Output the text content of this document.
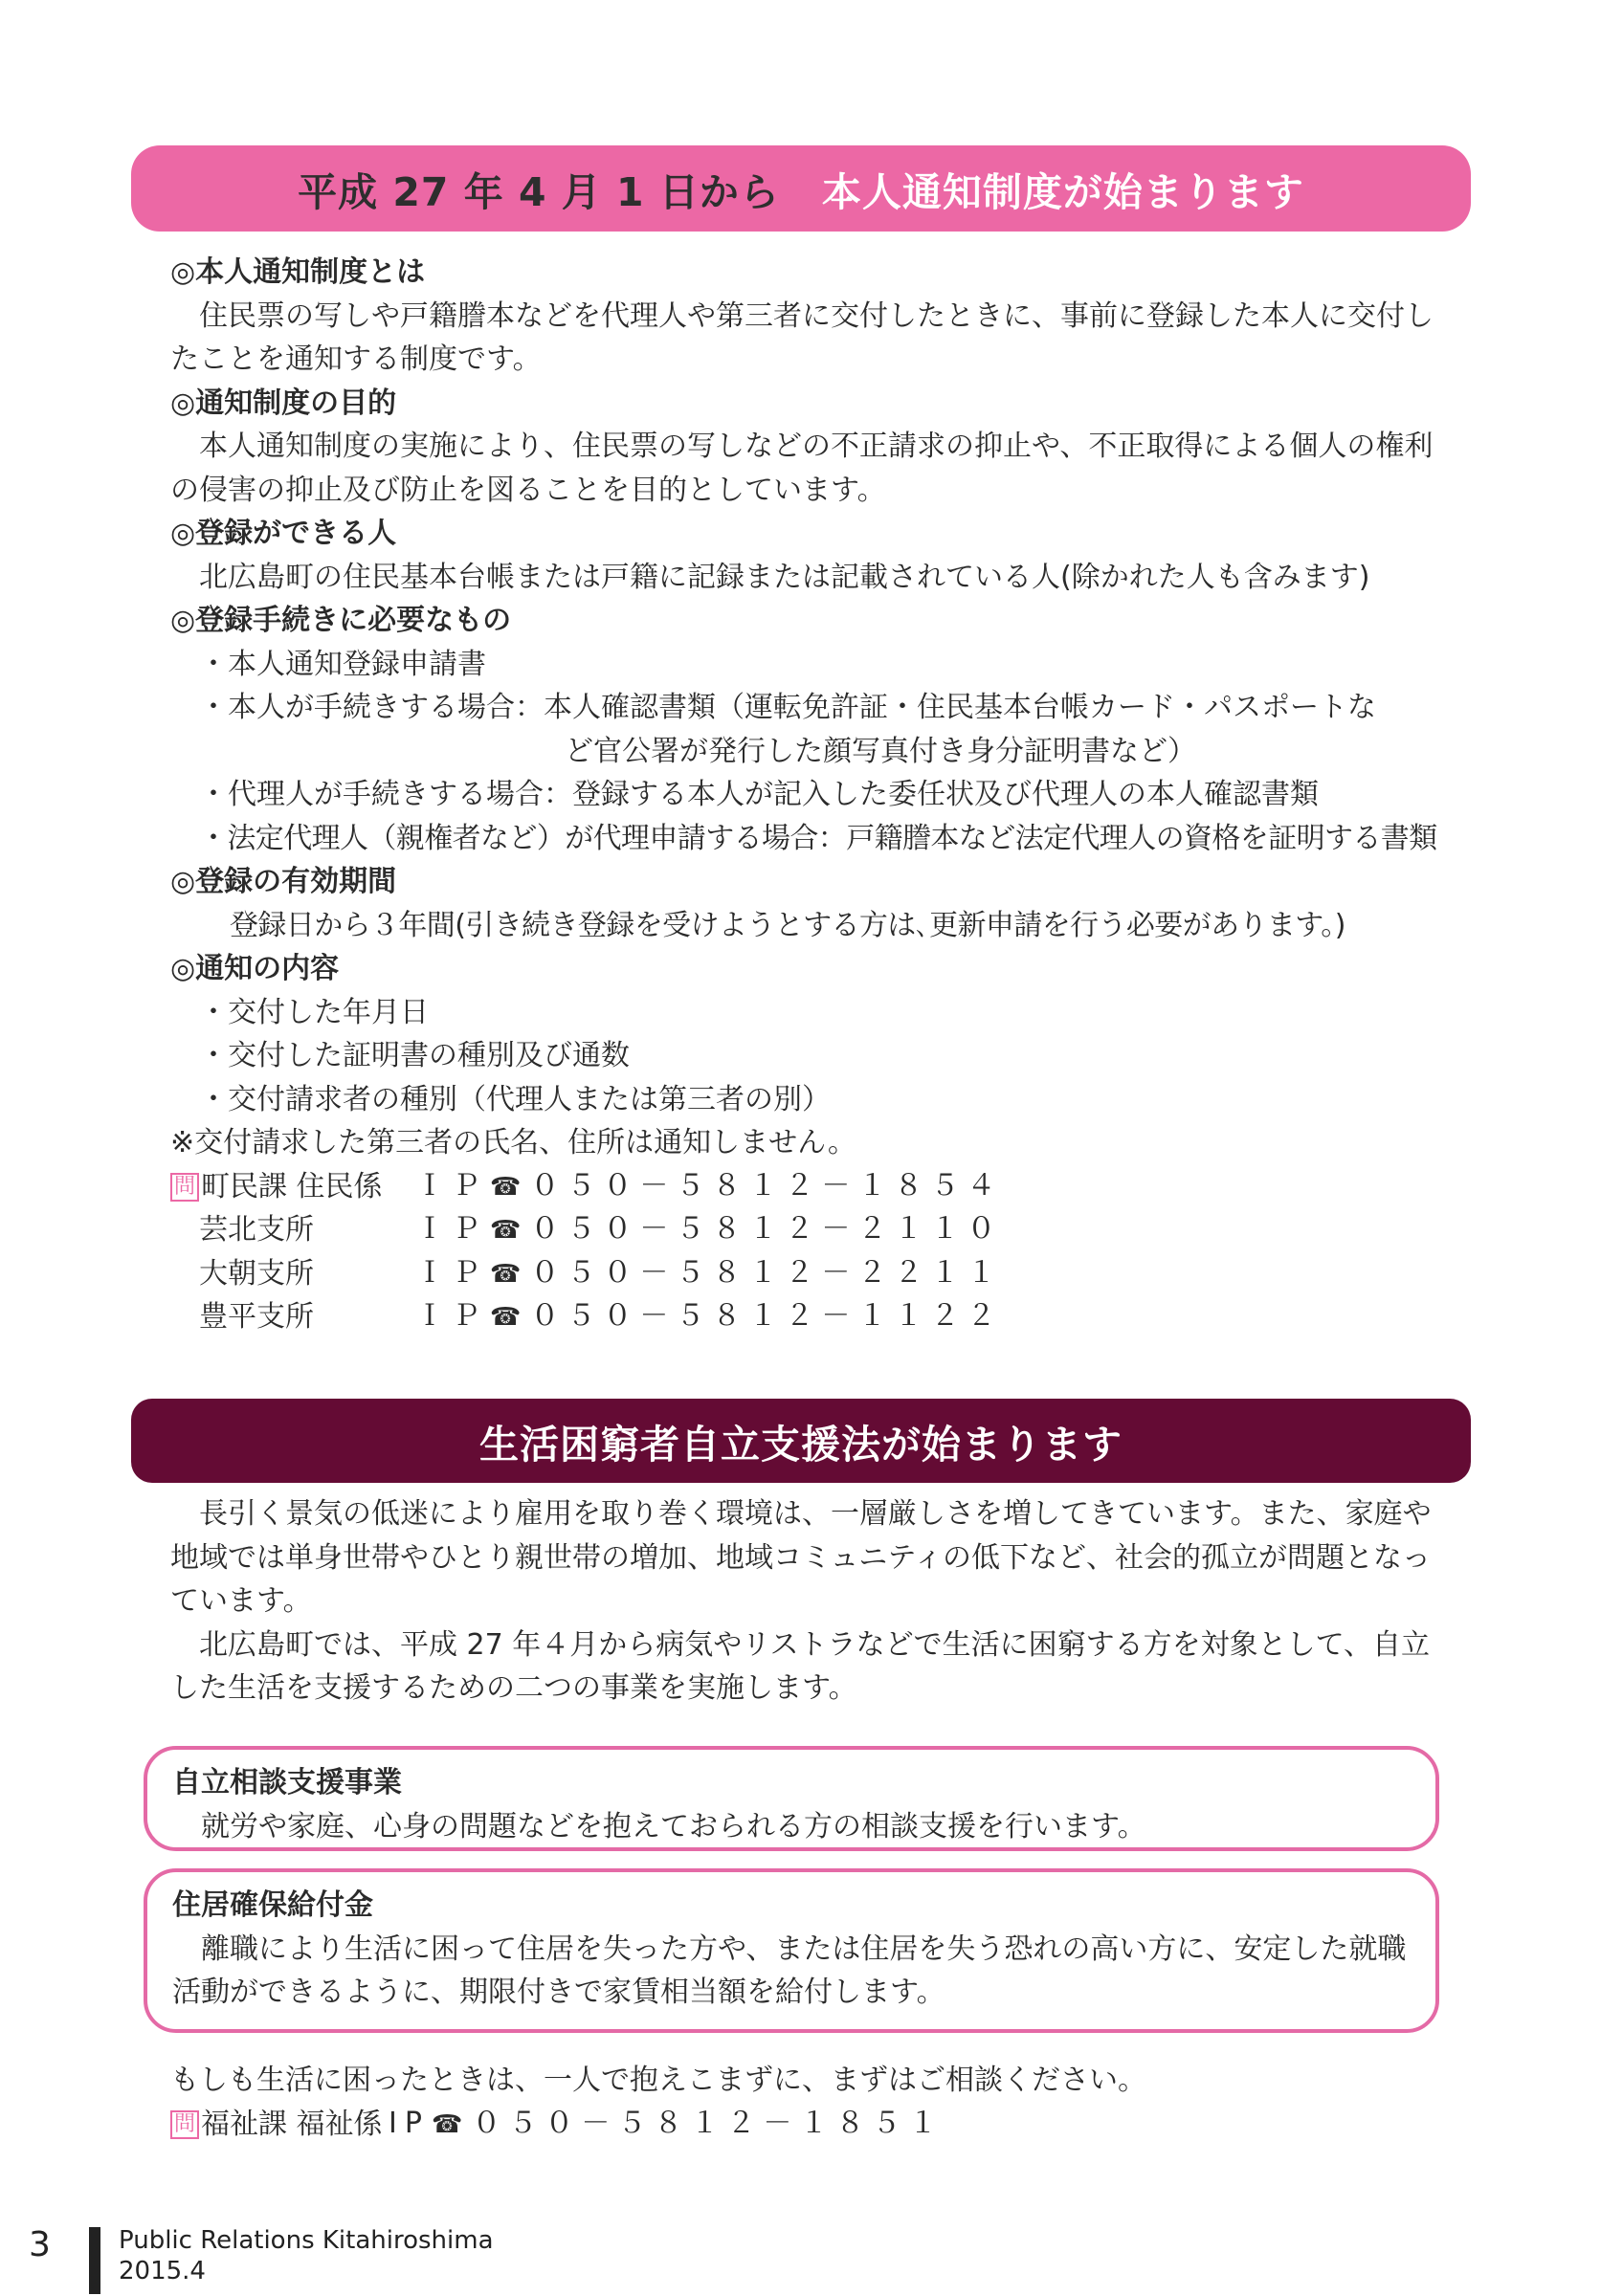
平成 27 年 4 月 1 日から 本人通知制度が始まります
◎本人通知制度とは
住民票の写しや戸籍謄本などを代理人や第三者に交付したときに、事前に登録した本人に交付したことを通知する制度です。
◎通知制度の目的
本人通知制度の実施により、住民票の写しなどの不正請求の抑止や、不正取得による個人の権利の侵害の抑止及び防止を図ることを目的としています。
◎登録ができる人
北広島町の住民基本台帳または戸籍に記録または記載されている人(除かれた人も含みます)
◎登録手続きに必要なもの
・本人通知登録申請書
・本人が手続きする場合：本人確認書類（運転免許証・住民基本台帳カード・パスポートな
ど官公署が発行した顔写真付き身分証明書など）
・代理人が手続きする場合：登録する本人が記入した委任状及び代理人の本人確認書類
・法定代理人（親権者など）が代理申請する場合：戸籍謄本など法定代理人の資格を証明する書類
◎登録の有効期間
登録日から３年間(引き続き登録を受けようとする方は､更新申請を行う必要があります。)
◎通知の内容
・交付した年月日
・交付した証明書の種別及び通数
・交付請求者の種別（代理人または第三者の別）
※交付請求した第三者の氏名、住所は通知しません。
問 町民課 住民係	ＩＰ☎０５０－５８１２－１８５４
芸北支所	ＩＰ☎０５０－５８１２－２１１０
大朝支所	ＩＰ☎０５０－５８１２－２２１１
豊平支所	ＩＰ☎０５０－５８１２－１１２２
生活困窮者自立支援法が始まります

長引く景気の低迷により雇用を取り巻く環境は、一層厳しさを増してきています。また、家庭や地域では単身世帯やひとり親世帯の増加、地域コミュニティの低下など、社会的孤立が問題となっています。

北広島町では、平成 27 年４月から病気やリストラなどで生活に困窮する方を対象として、自立した生活を支援するための二つの事業を実施します。

自立相談支援事業
就労や家庭、心身の問題などを抱えておられる方の相談支援を行います。
住居確保給付金
離職により生活に困って住居を失った方や、または住居を失う恐れの高い方に、安定した就職活動ができるように、期限付きで家賃相当額を給付します。
もしも生活に困ったときは、一人で抱えこまずに、まずはご相談ください。
問 福祉課 福祉係 IP☎０５０－５８１２－１８５１
3	Public Relations Kitahiroshima
2015.4
